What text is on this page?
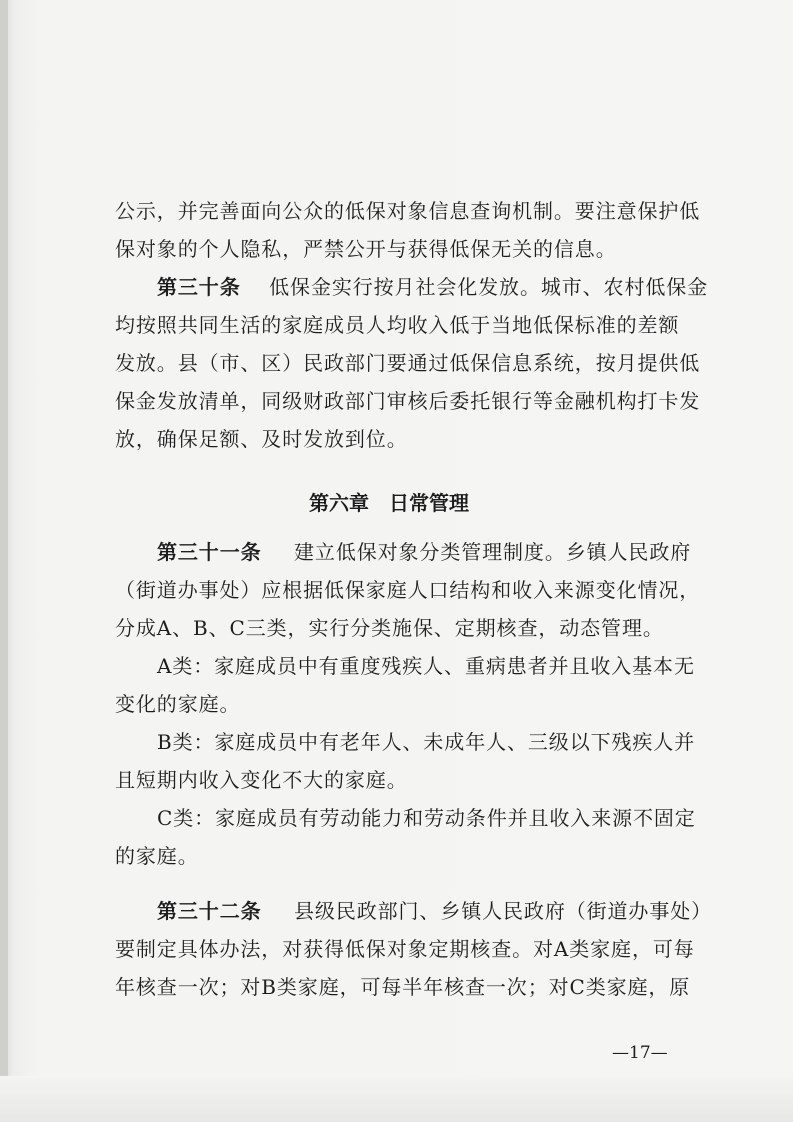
公示，并完善面向公众的低保对象信息查询机制。要注意保护低
保对象的个人隐私，严禁公开与获得低保无关的信息。
第三十条 低保金实行按月社会化发放。城市、农村低保金
均按照共同生活的家庭成员人均收入低于当地低保标准的差额
发放。县（市、区）民政部门要通过低保信息系统，按月提供低
保金发放清单，同级财政部门审核后委托银行等金融机构打卡发
放，确保足额、及时发放到位。
第三十一条 建立低保对象分类管理制度。乡镇人民政府
（街道办事处）应根据低保家庭人口结构和收入来源变化情况，
分成A、B、C三类，实行分类施保、定期核查，动态管理。
A类：家庭成员中有重度残疾人、重病患者并且收入基本无
变化的家庭。
B类：家庭成员中有老年人、未成年人、三级以下残疾人并
且短期内收入变化不大的家庭。
C类：家庭成员有劳动能力和劳动条件并且收入来源不固定
的家庭。
第三十二条 县级民政部门、乡镇人民政府（街道办事处）
要制定具体办法，对获得低保对象定期核查。对A类家庭，可每
年核查一次；对B类家庭，可每半年核查一次；对C类家庭，原
第六章 日常管理
—17—
